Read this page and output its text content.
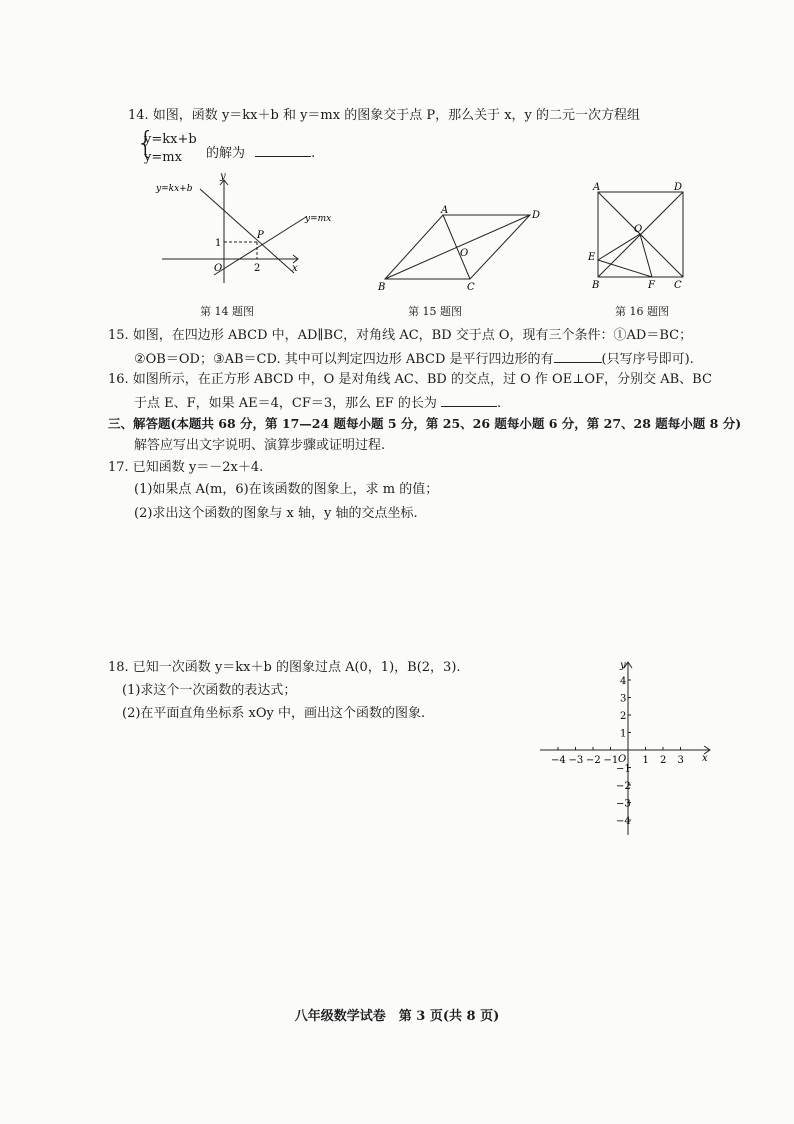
14. 如图，函数 y＝kx＋b 和 y＝mx 的图象交于点 P，那么关于 x，y 的二元一次方程组
{
y=kx+b
y=mx 的解为	.
y=kx+b
y=mx
y
x
P
O
1
2
第 14 题图
A	D
B	C
O
第 15 题图
A	D
B	C
O
E
F
第 16 题图
15. 如图，在四边形 ABCD 中，AD∥BC，对角线 AC，BD 交于点 O，现有三个条件：①AD＝BC；
②OB＝OD；③AB＝CD. 其中可以判定四边形 ABCD 是平行四边形的有	(只写序号即可).
16. 如图所示，在正方形 ABCD 中，O 是对角线 AC、BD 的交点，过 O 作 OE⊥OF，分别交 AB、BC
于点 E、F，如果 AE＝4，CF＝3，那么 EF 的长为	.
三、解答题(本题共 68 分，第 17—24 题每小题 5 分，第 25、26 题每小题 6 分，第 27、28 题每小题 8 分)
解答应写出文字说明、演算步骤或证明过程.
17. 已知函数 y＝－2x＋4.
(1)如果点 A(m，6)在该函数的图象上，求 m 的值；
(2)求出这个函数的图象与 x 轴，y 轴的交点坐标.
18. 已知一次函数 y＝kx＋b 的图象过点 A(0，1)，B(2，3).
(1)求这个一次函数的表达式；
(2)在平面直角坐标系 xOy 中，画出这个函数的图象.
−4 −3 −2 −1 1 2 3
4
3
2
1
−1
−2
−3
−4
x
y
O
八年级数学试卷　第 3 页(共 8 页)
